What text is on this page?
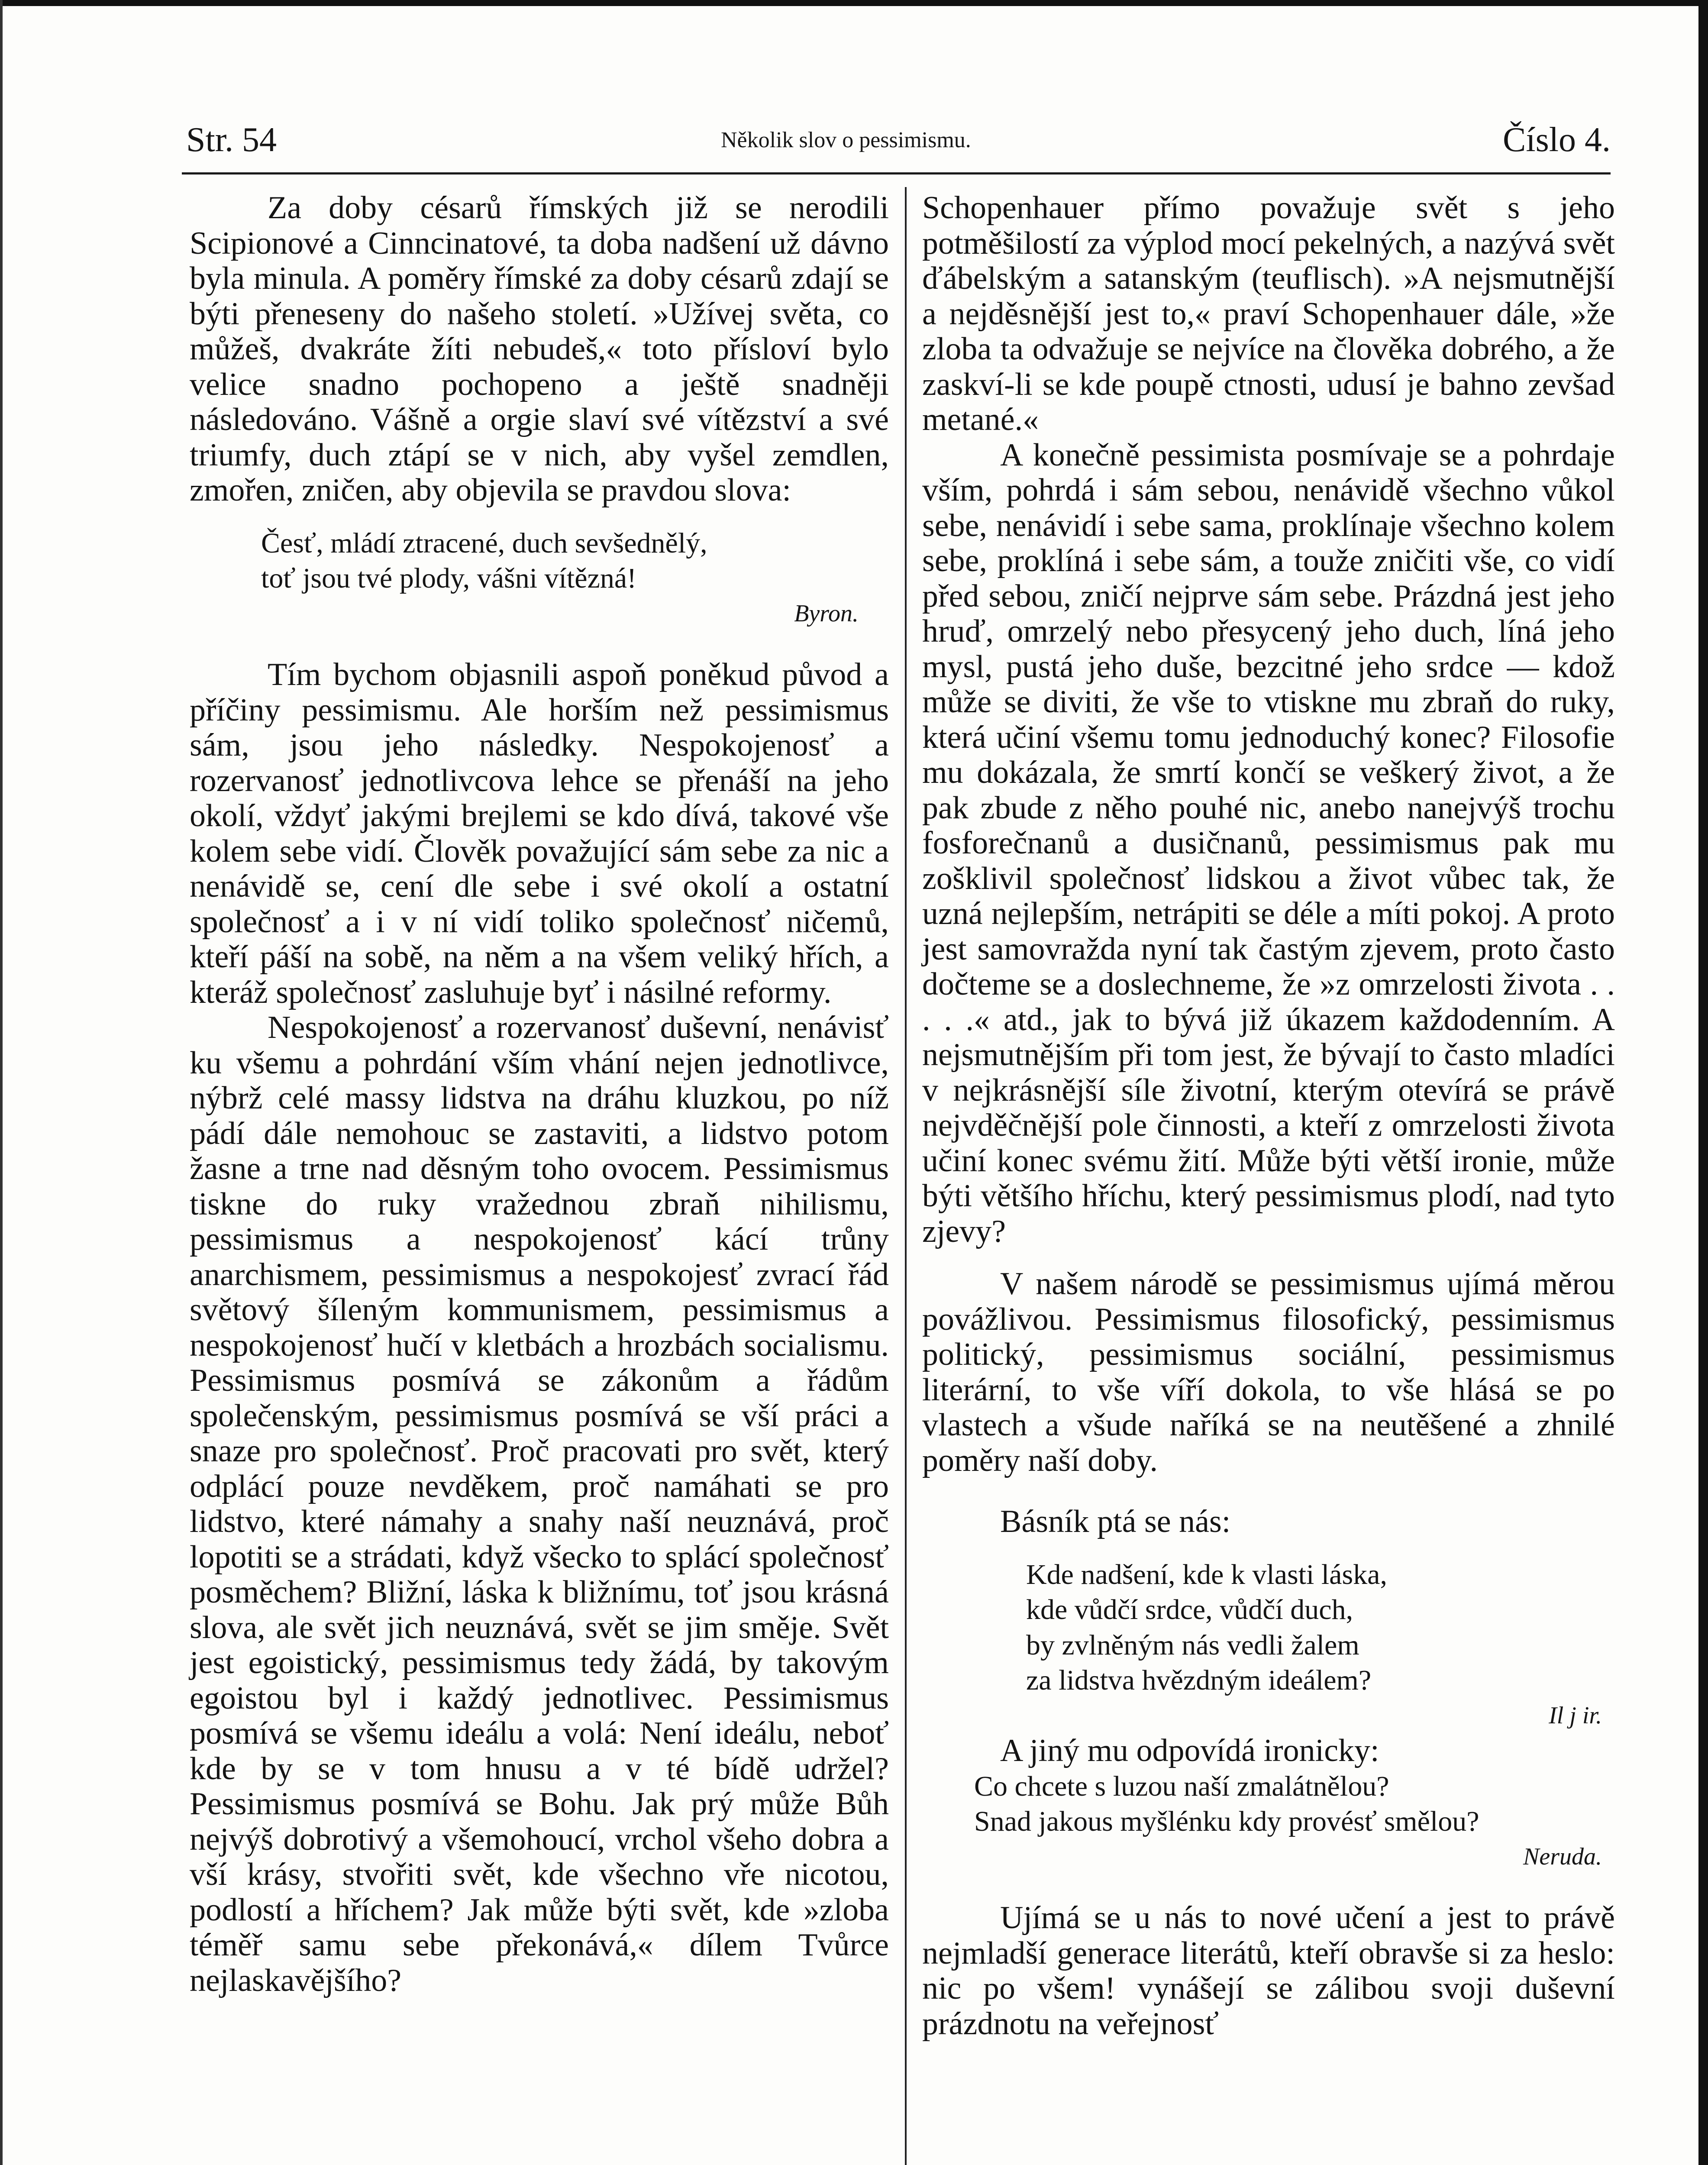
Str. 54	Několik slov o pessimismu.	Číslo 4.

Za doby césarů římských již se nerodili Scipionové a Cinncinatové, ta doba nadšení už dávno byla minula. A poměry římské za doby césarů zdají se býti přeneseny do našeho století. »Užívej světa, co můžeš, dvakráte žíti nebudeš,« toto přísloví bylo velice snadno pochopeno a ještě snadněji následováno. Vášně a orgie slaví své vítězství a své triumfy, duch ztápí se v nich, aby vyšel zemdlen, zmořen, zničen, aby objevila se pravdou slova:

Česť, mládí ztracené, duch sevšednělý,
toť jsou tvé plody, vášni vítězná!
Byron.

Tím bychom objasnili aspoň poněkud původ a příčiny pessimismu. Ale horším než pessimismus sám, jsou jeho následky. Nespokojenosť a rozervanosť jednotlivcova lehce se přenáší na jeho okolí, vždyť jakými brejlemi se kdo dívá, takové vše kolem sebe vidí. Člověk považující sám sebe za nic a nenávidě se, cení dle sebe i své okolí a ostatní společnosť a i v ní vidí toliko společnosť ničemů, kteří páší na sobě, na něm a na všem veliký hřích, a kteráž společnosť zasluhuje byť i násilné reformy.

Nespokojenosť a rozervanosť duševní, nenávisť ku všemu a pohrdání vším vhání nejen jednotlivce, nýbrž celé massy lidstva na dráhu kluzkou, po níž pádí dále nemohouc se zastaviti, a lidstvo potom žasne a trne nad děsným toho ovocem. Pessimismus tiskne do ruky vražednou zbraň nihilismu, pessimismus a nespokojenosť kácí trůny anarchismem, pessimismus a nespokojesť zvrací řád světový šíleným kommunismem, pessimismus a nespokojenosť hučí v kletbách a hrozbách socialismu. Pessimismus posmívá se zákonům a řádům společenským, pessimismus posmívá se vší práci a snaze pro společnosť. Proč pracovati pro svět, který odplácí pouze nevděkem, proč namáhati se pro lidstvo, které námahy a snahy naší neuznává, proč lopotiti se a strádati, když všecko to splácí společnosť posměchem? Bližní, láska k bližnímu, toť jsou krásná slova, ale svět jich neuznává, svět se jim směje. Svět jest egoistický, pessimismus tedy žádá, by takovým egoistou byl i každý jednotlivec. Pessimismus posmívá se všemu ideálu a volá: Není ideálu, neboť kde by se v tom hnusu a v té bídě udržel? Pessimismus posmívá se Bohu. Jak prý může Bůh nejvýš dobrotivý a všemohoucí, vrchol všeho dobra a vší krásy, stvořiti svět, kde všechno vře nicotou, podlostí a hříchem? Jak může býti svět, kde »zloba téměř samu sebe překonává,« dílem Tvůrce nejlaskavějšího?

Schopenhauer přímo považuje svět s jeho potměšilostí za výplod mocí pekelných, a nazývá svět ďábelským a satanským (teuflisch). »A nejsmutnější a nejděsnější jest to,« praví Schopenhauer dále, »že zloba ta odvažuje se nejvíce na člověka dobrého, a že zaskví-li se kde poupě ctnosti, udusí je bahno zevšad metané.«

A konečně pessimista posmívaje se a pohrdaje vším, pohrdá i sám sebou, nenávidě všechno vůkol sebe, nenávidí i sebe sama, proklínaje všechno kolem sebe, proklíná i sebe sám, a touže zničiti vše, co vidí před sebou, zničí nejprve sám sebe. Prázdná jest jeho hruď, omrzelý nebo přesycený jeho duch, líná jeho mysl, pustá jeho duše, bezcitné jeho srdce — kdož může se diviti, že vše to vtiskne mu zbraň do ruky, která učiní všemu tomu jednoduchý konec? Filosofie mu dokázala, že smrtí končí se veškerý život, a že pak zbude z něho pouhé nic, anebo nanejvýš trochu fosforečnanů a dusičnanů, pessimismus pak mu zošklivil společnosť lidskou a život vůbec tak, že uzná nejlepším, netrápiti se déle a míti pokoj. A proto jest samovražda nyní tak častým zjevem, proto často dočteme se a doslechneme, že »z omrzelosti života . . . . .« atd., jak to bývá již úkazem každodenním. A nejsmutnějším při tom jest, že bývají to často mladíci v nejkrásnější síle životní, kterým otevírá se právě nejvděčnější pole činnosti, a kteří z omrzelosti života učiní konec svému žití. Může býti větší ironie, může býti většího hříchu, který pessimismus plodí, nad tyto zjevy?

V našem národě se pessimismus ujímá měrou povážlivou. Pessimismus filosofický, pessimismus politický, pessimismus sociální, pessimismus literární, to vše víří dokola, to vše hlásá se po vlastech a všude naříká se na neutěšené a zhnilé poměry naší doby.

Básník ptá se nás:

Kde nadšení, kde k vlasti láska,
kde vůdčí srdce, vůdčí duch,
by zvlněným nás vedli žalem
za lidstva hvězdným ideálem?
Il j ir.

A jiný mu odpovídá ironicky:

Co chcete s luzou naší zmalátnělou?
Snad jakous myšlénku kdy provésť smělou?
Neruda.

Ujímá se u nás to nové učení a jest to právě nejmladší generace literátů, kteří obravše si za heslo: nic po všem! vynášejí se zálibou svoji duševní prázdnotu na veřejnosť
